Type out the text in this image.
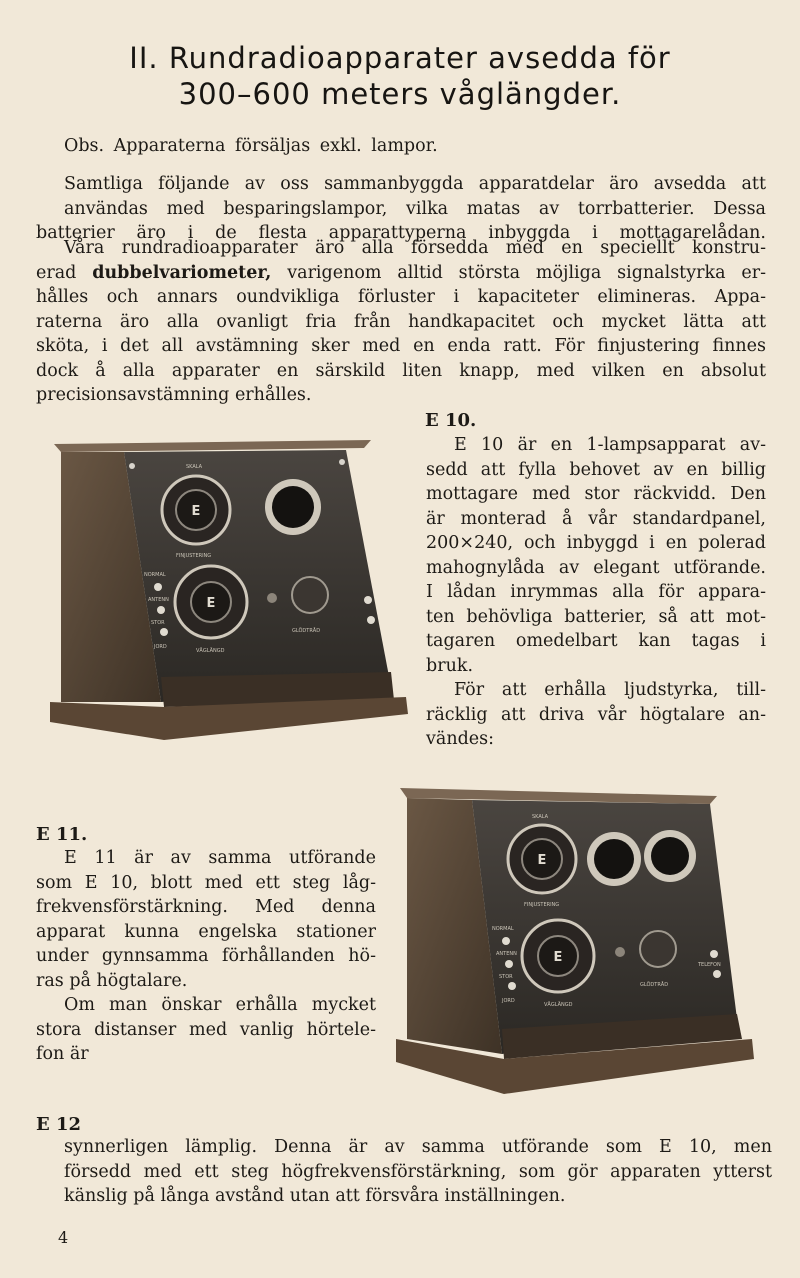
II. Rundradioapparater avsedda för
300–600 meters våglängder.
Obs. Apparaterna försäljas exkl. lampor.
Samtliga följande av oss sammanbyggda apparatdelar äro avsedda att
användas med besparingslampor, vilka matas av torrbatterier. Dessa
batterier äro i de flesta apparattyperna inbyggda i mottagarelådan.
Våra rundradioapparater äro alla försedda med en speciellt konstru-
erad dubbelvariometer, varigenom alltid största möjliga signalstyrka er-
hålles och annars oundvikliga förluster i kapaciteter elimineras. Appa-
raterna äro alla ovanligt fria från handkapacitet och mycket lätta att
sköta, i det all avstämning sker med en enda ratt. För finjustering finnes
dock å alla apparater en särskild liten knapp, med vilken en absolut
precisionsavstämning erhålles.
E 10.
E 10 är en 1-lampsapparat av-
sedd att fylla behovet av en billig
mottagare med stor räckvidd. Den
är monterad å vår standardpanel,
200×240, och inbyggd i en polerad
mahognylåda av elegant utförande.
I lådan inrymmas alla för appara-
ten behövliga batterier, så att mot-
tagaren omedelbart kan tagas i
bruk.
För att erhålla ljudstyrka, till-
räcklig att driva vår högtalare an-
vändes:
E 11.
E 11 är av samma utförande
som E 10, blott med ett steg låg-
frekvensförstärkning. Med denna
apparat kunna engelska stationer
under gynnsamma förhållanden hö-
ras på högtalare.
Om man önskar erhålla mycket
stora distanser med vanlig hörtele-
fon är
E 12
synnerligen lämplig. Denna är av samma utförande som E 10, men
försedd med ett steg högfrekvensförstärkning, som gör apparaten ytterst
känslig på långa avstånd utan att försvåra inställningen.
4
E
E
SKALA
NORMAL
ANTENN
STOR
JORD
FINJUSTERING
GLÖDTRÅD
VÅGLÄNGD
E
E
SKALA
NORMAL
ANTENN
STOR
JORD
FINJUSTERING
GLÖDTRÅD
VÅGLÄNGD
TELEFON
